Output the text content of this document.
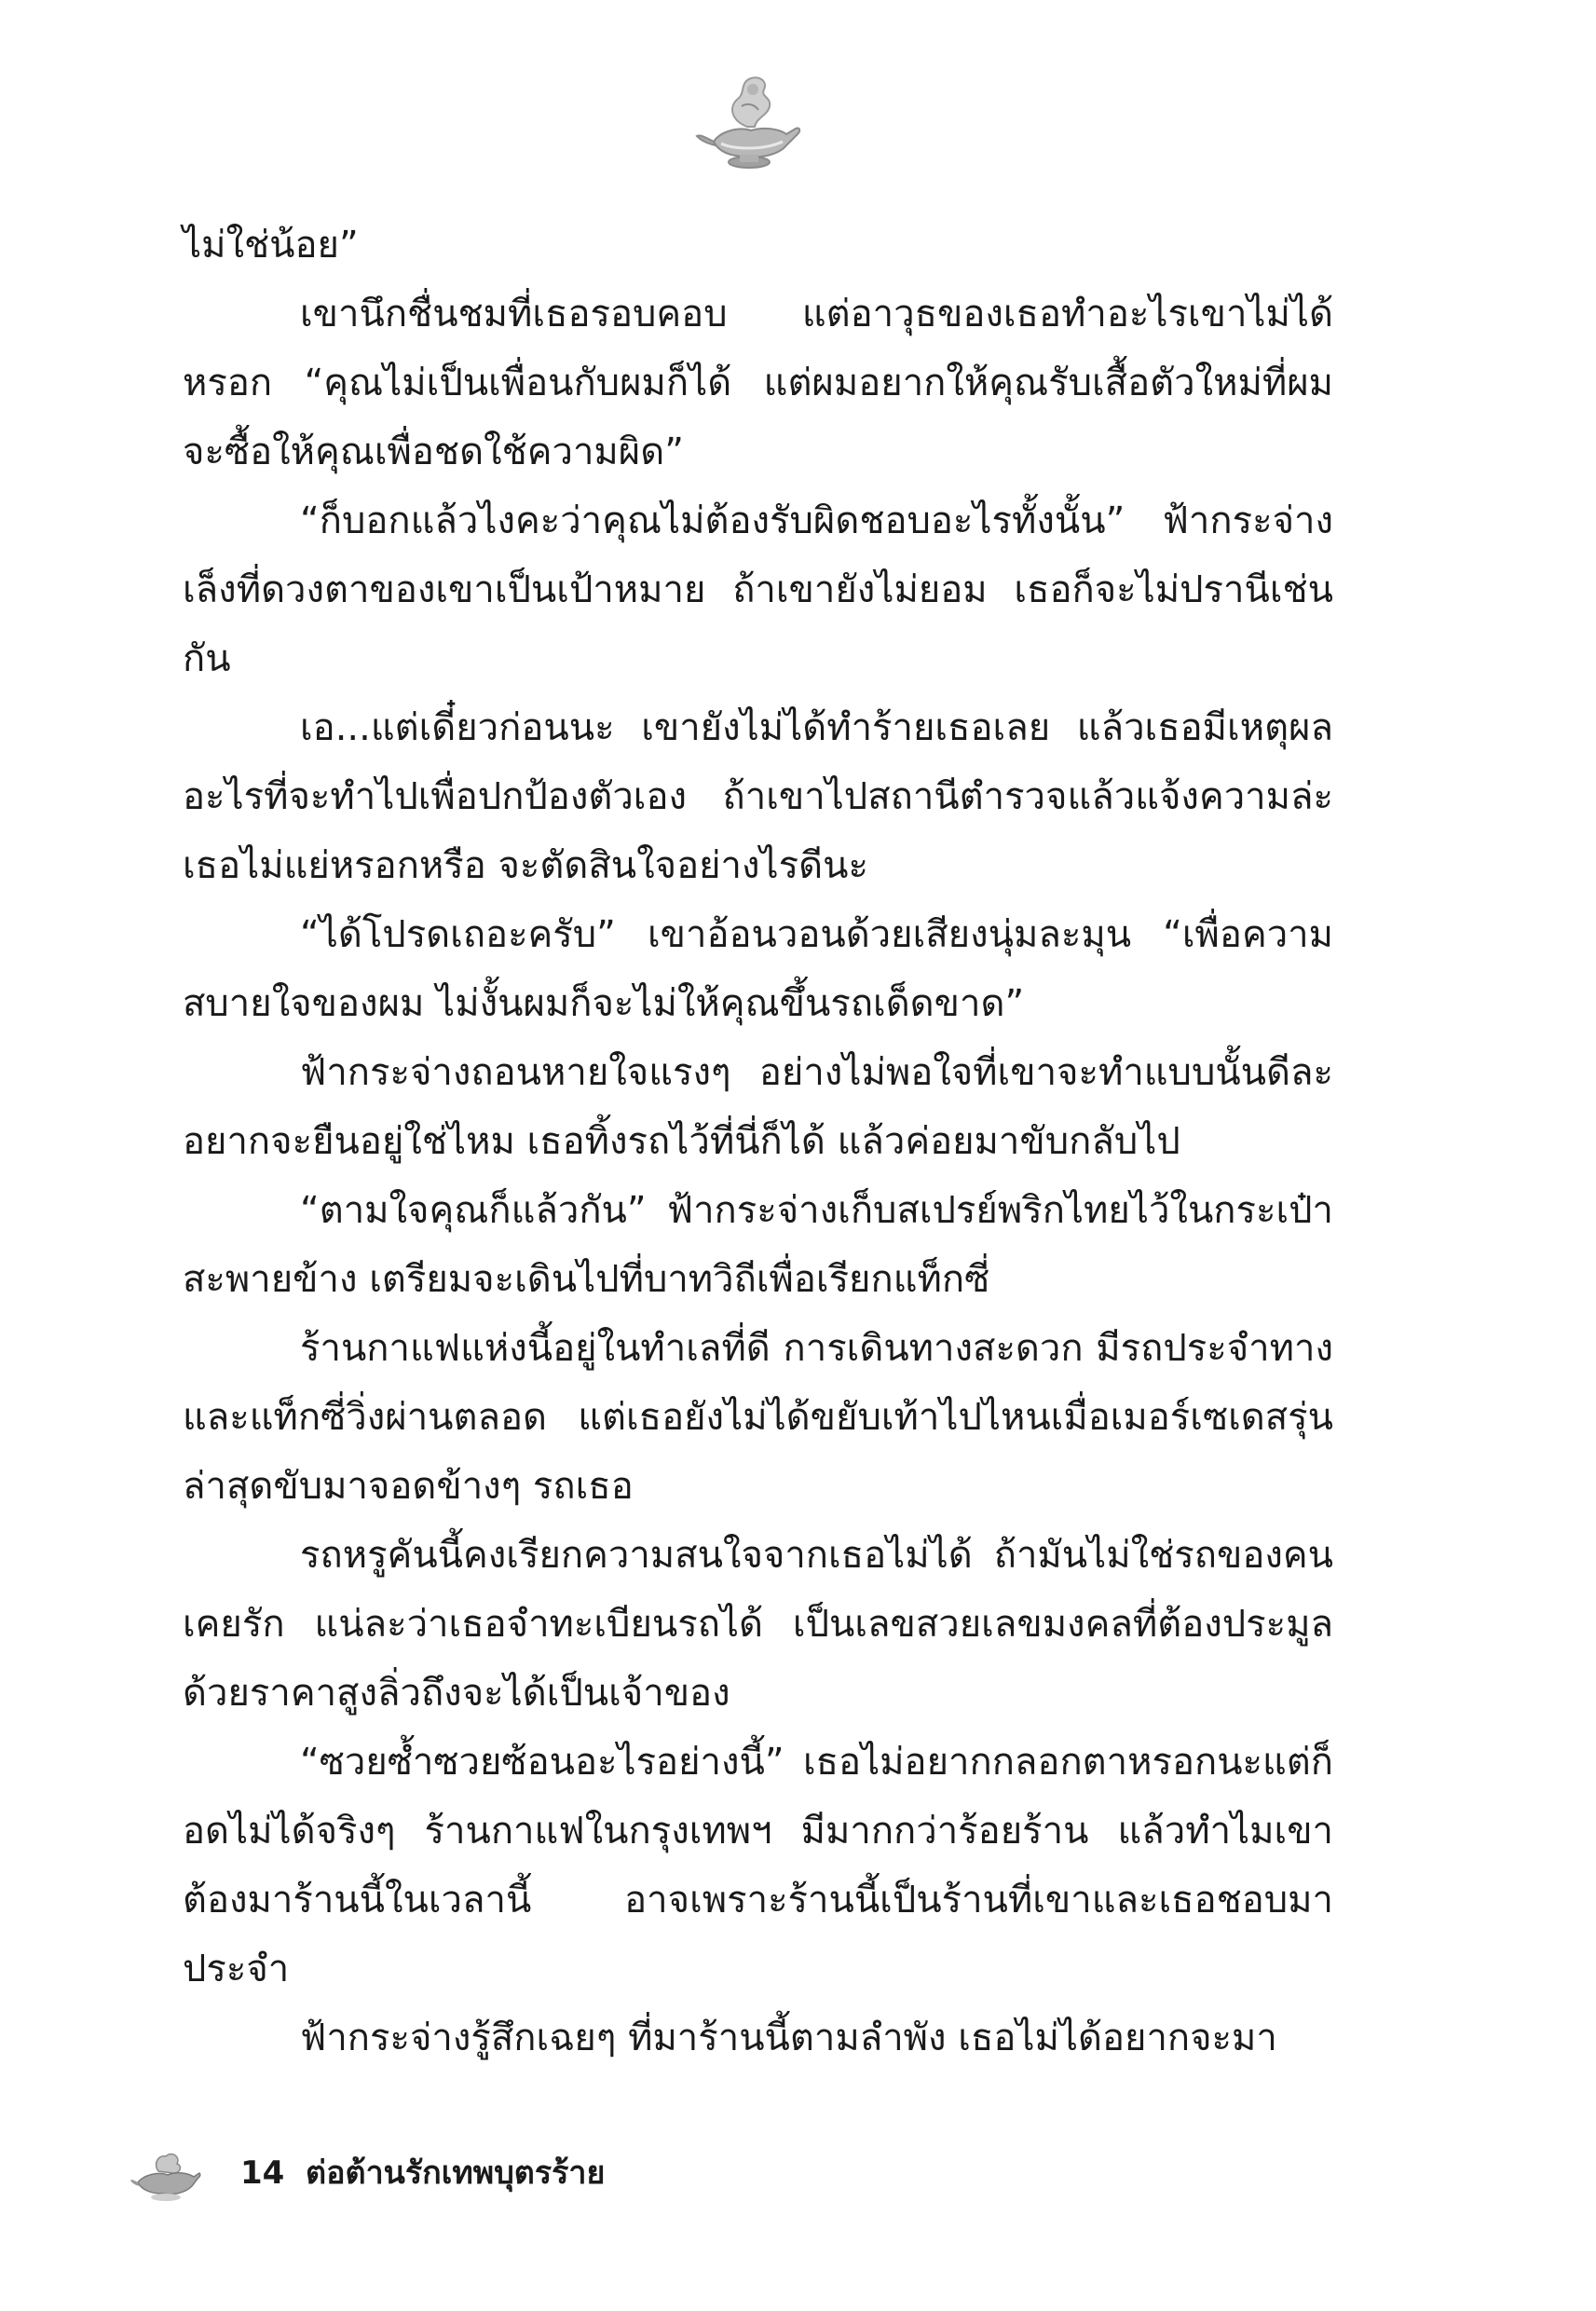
ไม่ใช่น้อย”

เขานึกชื่นชมที่เธอรอบคอบ แต่อาวุธของเธอทำอะไรเขาไม่ได้หรอก “คุณไม่เป็นเพื่อนกับผมก็ได้ แต่ผมอยากให้คุณรับเสื้อตัวใหม่ที่ผมจะซื้อให้คุณเพื่อชดใช้ความผิด”

“ก็บอกแล้วไงคะว่าคุณไม่ต้องรับผิดชอบอะไรทั้งนั้น” ฟ้ากระจ่างเล็งที่ดวงตาของเขาเป็นเป้าหมาย ถ้าเขายังไม่ยอม เธอก็จะไม่ปรานีเช่นกัน

เอ...แต่เดี๋ยวก่อนนะ เขายังไม่ได้ทำร้ายเธอเลย แล้วเธอมีเหตุผลอะไรที่จะทำไปเพื่อปกป้องตัวเอง ถ้าเขาไปสถานีตำรวจแล้วแจ้งความล่ะเธอไม่แย่หรอกหรือ จะตัดสินใจอย่างไรดีนะ

“ได้โปรดเถอะครับ” เขาอ้อนวอนด้วยเสียงนุ่มละมุน “เพื่อความสบายใจของผม ไม่งั้นผมก็จะไม่ให้คุณขึ้นรถเด็ดขาด”

ฟ้ากระจ่างถอนหายใจแรงๆ อย่างไม่พอใจที่เขาจะทำแบบนั้นดีละ อยากจะยืนอยู่ใช่ไหม เธอทิ้งรถไว้ที่นี่ก็ได้ แล้วค่อยมาขับกลับไป

“ตามใจคุณก็แล้วกัน” ฟ้ากระจ่างเก็บสเปรย์พริกไทยไว้ในกระเป๋าสะพายข้าง เตรียมจะเดินไปที่บาทวิถีเพื่อเรียกแท็กซี่

ร้านกาแฟแห่งนี้อยู่ในทำเลที่ดี การเดินทางสะดวก มีรถประจำทางและแท็กซี่วิ่งผ่านตลอด แต่เธอยังไม่ได้ขยับเท้าไปไหนเมื่อเมอร์เซเดสรุ่นล่าสุดขับมาจอดข้างๆ รถเธอ

รถหรูคันนี้คงเรียกความสนใจจากเธอไม่ได้ ถ้ามันไม่ใช่รถของคนเคยรัก แน่ละว่าเธอจำทะเบียนรถได้ เป็นเลขสวยเลขมงคลที่ต้องประมูลด้วยราคาสูงลิ่วถึงจะได้เป็นเจ้าของ

“ซวยซ้ำซวยซ้อนอะไรอย่างนี้” เธอไม่อยากกลอกตาหรอกนะแต่ก็อดไม่ได้จริงๆ ร้านกาแฟในกรุงเทพฯ มีมากกว่าร้อยร้าน แล้วทำไมเขาต้องมาร้านนี้ในเวลานี้ อาจเพราะร้านนี้เป็นร้านที่เขาและเธอชอบมาประจำ

ฟ้ากระจ่างรู้สึกเฉยๆ ที่มาร้านนี้ตามลำพัง เธอไม่ได้อยากจะมา

14 ต่อต้านรักเทพบุตรร้าย
